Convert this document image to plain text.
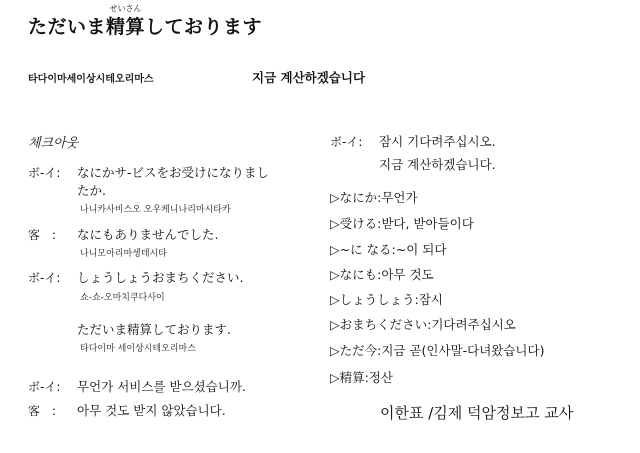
ただいま
せいさん
精算しております
타다이마세이상시테오리마스	지금 계산하겠습니다
체크아웃
ボ-イ: なにかサ-ビスをお受けになりまし
たか.
나니카사비스오 오우케니나리마시타카
客　: なにもありませんでした.
나니모아리마셍데시타
ボ-イ: しょうしょうおまちください.
쇼-쇼-오마치쿠다사이
ただいま精算しております.
타다이마 세이상시테오리마스
ボ-イ: 무언가 서비스를 받으셨습니까.
客　: 아무 것도 받지 않았습니다.
ボ-イ: 잠시 기다려주십시오.
지금 계산하겠습니다.
▷なにか:무언가
▷受ける:받다, 받아들이다
▷~に なる:~이 되다
▷なにも:아무 것도
▷しょうしょう:잠시
▷おまちください:기다려주십시오
▷ただ今:지금 곧(인사말-다녀왔습니다)
▷精算:정산
이한표 /김제 덕암정보고 교사
